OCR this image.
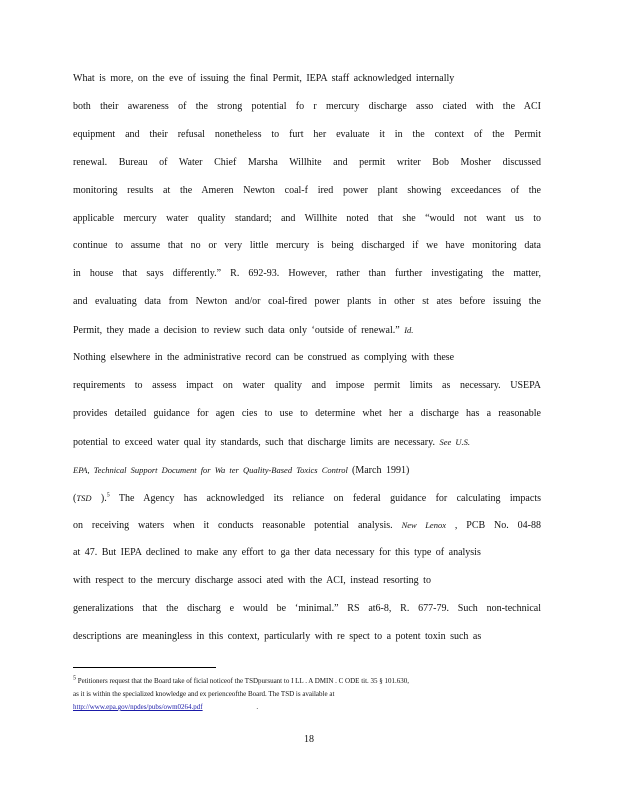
What is more, on the eve of issuing the final Permit, IEPA staff acknowledged internally
both their awareness of the strong potential fo r mercury discharge asso ciated with the ACI
equipment and their refusal nonetheless to furt her evaluate it in the context of the Permit
renewal. Bureau of Water Chief Marsha Willhite and permit writer Bob Mosher discussed
monitoring results at the Ameren Newton coal-f ired power plant showing exceedances of the
applicable mercury water quality standard; and Willhite noted that she “would not want us to
continue to assume that no or very little mercury is being discharged if we have monitoring data
in house that says differently.” R. 692-93. However, rather than further investigating the matter,
and evaluating data from Newton and/or coal-fired power plants in other st ates before issuing the
Permit, they made a decision to review such data only ‘outside of renewal.” Id.
Nothing elsewhere in the administrative record can be construed as complying with these
requirements to assess impact on water quality and impose permit limits as necessary. USEPA
provides detailed guidance for agen cies to use to determine whet her a discharge has a reasonable
potential to exceed water qual ity standards, such that discharge limits are necessary. See U.S.
EPA, Technical Support Document for Wa ter Quality-Based Toxics Control (March 1991)
(TSD ).$^5$ The Agency has acknowledged its reliance on federal guidance for calculating impacts
on receiving waters when it conducts reasonable potential analysis. New Lenox , PCB No. 04-88
at 47. But IEPA declined to make any effort to ga ther data necessary for this type of analysis
with respect to the mercury discharge associ ated with the ACI, instead resorting to
generalizations that the discharg e would be ‘minimal.” RS at6-8, R. 677-79. Such non-technical
descriptions are meaningless in this context, particularly with re spect to a potent toxin such as
$^5$ Petitioners request that the Board take of ficial noticeof the TSDpursuant to I LL . A DMIN . C ODE tit. 35 § 101.630,
as it is within the specialized knowledge and ex perienceofthe Board. The TSD is available at
http://www.epa.gov/npdes/pubs/owm0264.pdf	.
18
